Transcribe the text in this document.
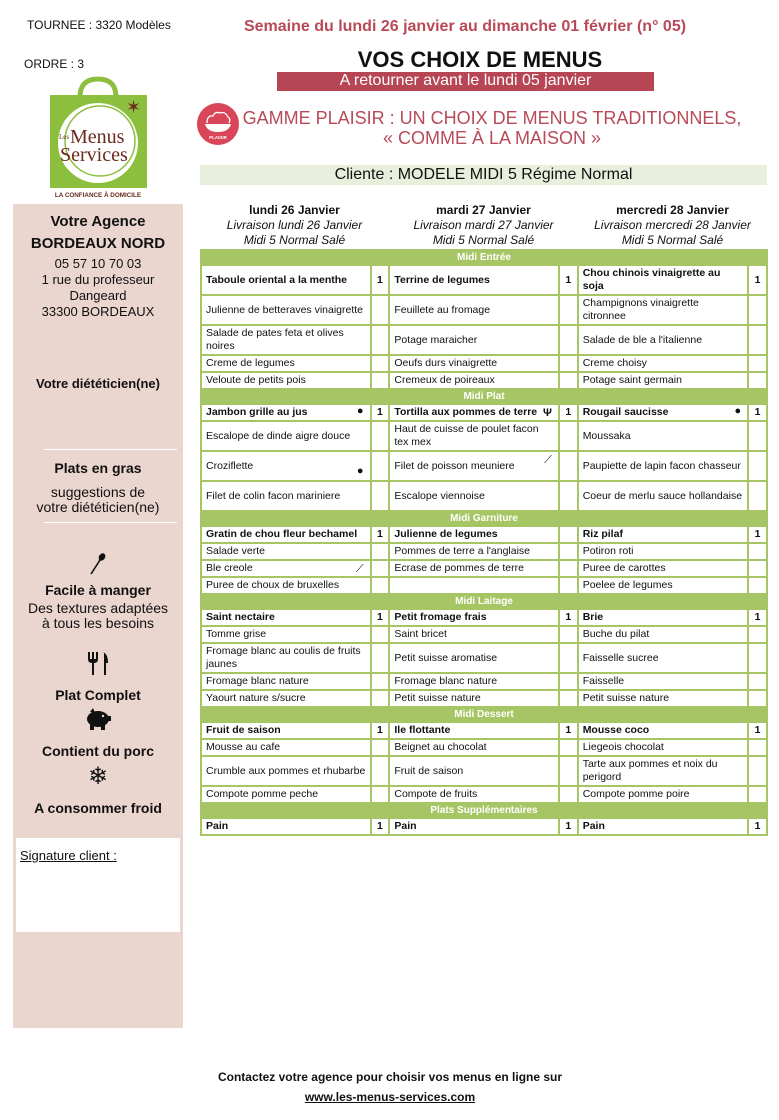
TOURNEE : 3320 Modèles
ORDRE : 3
✶
Les Menus
Services
LA CONFIANCE À DOMICILE
Semaine du lundi 26 janvier au dimanche 01 février (n° 05)
VOS CHOIX DE MENUS
A retourner avant le lundi 05 janvier
PLAISIR
GAMME PLAISIR : UN CHOIX DE MENUS TRADITIONNELS,
« COMME À LA MAISON »
Cliente : MODELE MIDI 5 Régime Normal
Votre Agence
BORDEAUX NORD
05 57 10 70 03
1 rue du professeur
Dangeard
33300 BORDEAUX
Votre diététicien(ne)
Plats en gras
suggestions de
votre diététicien(ne)
Facile à manger
Des textures adaptées
à tous les besoins
Plat Complet
Contient du porc
❄
A consommer froid
Signature client :
lundi 26 Janvier
Livraison lundi 26 Janvier
Midi 5 Normal Salé
mardi 27 Janvier
Livraison mardi 27 Janvier
Midi 5 Normal Salé
mercredi 28 Janvier
Livraison mercredi 28 Janvier
Midi 5 Normal Salé
Midi Entrée					
Taboule oriental a la menthe	1	Terrine de legumes	1	Chou chinois vinaigrette au soja	1
Julienne de betteraves vinaigrette		Feuillete au fromage		Champignons vinaigrette citronnee	
Salade de pates feta et olives noires		Potage maraicher		Salade de ble a l'italienne	
Creme de legumes		Oeufs durs vinaigrette		Creme choisy	
Veloute de petits pois		Cremeux de poireaux		Potage saint germain	
Midi Plat					
Jambon grille au jus ●	1	Tortilla aux pommes de terre Ψ	1	Rougail saucisse ●	1
Escalope de dinde aigre douce		Haut de cuisse de poulet facon tex mex		Moussaka	
Croziflette ●		Filet de poisson meuniere ⟋		Paupiette de lapin facon chasseur	
Filet de colin facon mariniere		Escalope viennoise		Coeur de merlu sauce hollandaise	
Midi Garniture					
Gratin de chou fleur bechamel	1	Julienne de legumes		Riz pilaf	1
Salade verte		Pommes de terre a l'anglaise		Potiron roti	
Ble creole ⟋		Ecrase de pommes de terre		Puree de carottes	
Puree de choux de bruxelles				Poelee de legumes	
Midi Laitage					
Saint nectaire	1	Petit fromage frais	1	Brie	1
Tomme grise		Saint bricet		Buche du pilat	
Fromage blanc au coulis de fruits jaunes		Petit suisse aromatise		Faisselle sucree	
Fromage blanc nature		Fromage blanc nature		Faisselle	
Yaourt nature s/sucre		Petit suisse nature		Petit suisse nature	
Midi Dessert					
Fruit de saison	1	Ile flottante	1	Mousse coco	1
Mousse au cafe		Beignet au chocolat		Liegeois chocolat	
Crumble aux pommes et rhubarbe		Fruit de saison		Tarte aux pommes et noix du perigord	
Compote pomme peche		Compote de fruits		Compote pomme poire	
Plats Supplémentaires					
Pain	1	Pain	1	Pain	1
Contactez votre agence pour choisir vos menus en ligne sur
www.les-menus-services.com
